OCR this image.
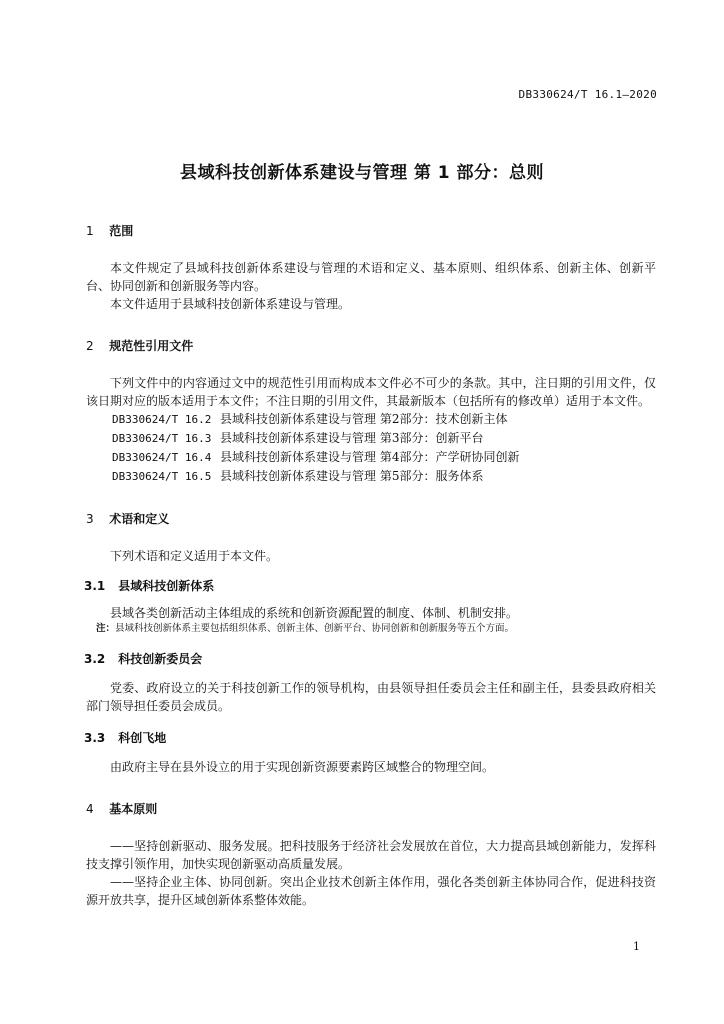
DB330624/T 16.1—2020
县域科技创新体系建设与管理 第 1 部分：总则
1 范围

本文件规定了县域科技创新体系建设与管理的术语和定义、基本原则、组织体系、创新主体、创新平台、协同创新和创新服务等内容。

本文件适用于县域科技创新体系建设与管理。

2 规范性引用文件

下列文件中的内容通过文中的规范性引用而构成本文件必不可少的条款。其中，注日期的引用文件，仅该日期对应的版本适用于本文件；不注日期的引用文件，其最新版本（包括所有的修改单）适用于本文件。

DB330624/T 16.2 县域科技创新体系建设与管理 第2部分：技术创新主体
DB330624/T 16.3 县域科技创新体系建设与管理 第3部分：创新平台
DB330624/T 16.4 县域科技创新体系建设与管理 第4部分：产学研协同创新
DB330624/T 16.5 县域科技创新体系建设与管理 第5部分：服务体系
3 术语和定义

下列术语和定义适用于本文件。

3.1 县域科技创新体系

县域各类创新活动主体组成的系统和创新资源配置的制度、体制、机制安排。

注：县域科技创新体系主要包括组织体系、创新主体、创新平台、协同创新和创新服务等五个方面。
3.2 科技创新委员会

党委、政府设立的关于科技创新工作的领导机构，由县领导担任委员会主任和副主任，县委县政府相关部门领导担任委员会成员。

3.3 科创飞地

由政府主导在县外设立的用于实现创新资源要素跨区域整合的物理空间。

4 基本原则

——坚持创新驱动、服务发展。把科技服务于经济社会发展放在首位，大力提高县域创新能力，发挥科技支撑引领作用，加快实现创新驱动高质量发展。

——坚持企业主体、协同创新。突出企业技术创新主体作用，强化各类创新主体协同合作，促进科技资源开放共享，提升区域创新体系整体效能。

1
